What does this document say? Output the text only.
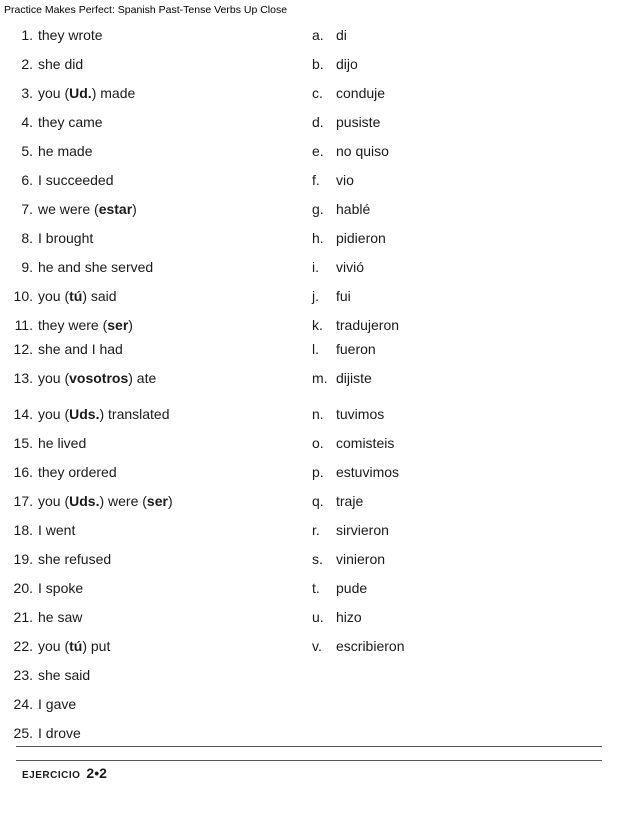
Practice Makes Perfect: Spanish Past-Tense Verbs Up Close
1. they wrote
2. she did
3. you (Ud.) made
4. they came
5. he made
6. I succeeded
7. we were (estar)
8. I brought
9. he and she served
10. you (tú) said
11. they were (ser)
12. she and I had
13. you (vosotros) ate
14. you (Uds.) translated
15. he lived
16. they ordered
17. you (Uds.) were (ser)
18. I went
19. she refused
20. I spoke
21. he saw
22. you (tú) put
23. she said
24. I gave
25. I drove
a. di
b. dijo
c. conduje
d. pusiste
e. no quiso
f. vio
g. hablé
h. pidieron
i. vivió
j. fui
k. tradujeron
l. fueron
m. dijiste
n. tuvimos
o. comisteis
p. estuvimos
q. traje
r. sirvieron
s. vinieron
t. pude
u. hizo
v. escribieron
EJERCICIO 2•2
